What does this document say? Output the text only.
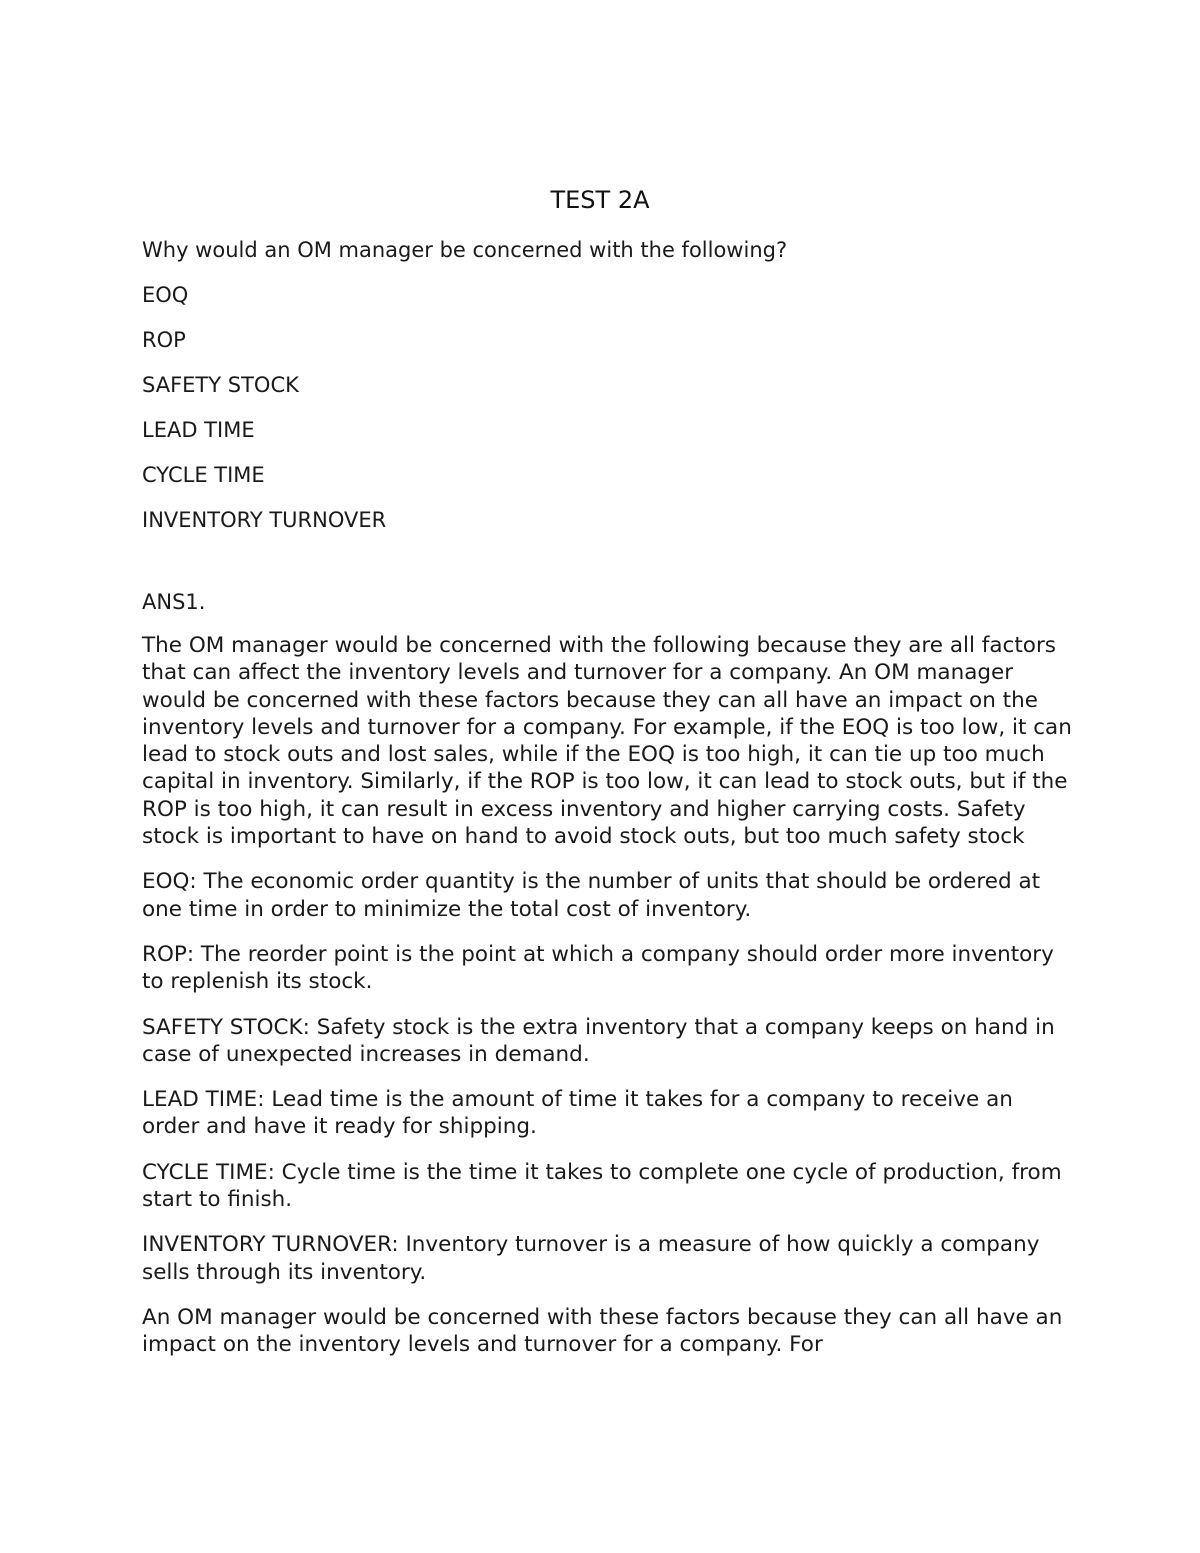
TEST 2A

Why would an OM manager be concerned with the following?

EOQ

ROP

SAFETY STOCK

LEAD TIME

CYCLE TIME

INVENTORY TURNOVER

ANS1.

The OM manager would be concerned with the following because they are all factors that can affect the inventory levels and turnover for a company. An OM manager would be concerned with these factors because they can all have an impact on the inventory levels and turnover for a company. For example, if the EOQ is too low, it can lead to stock outs and lost sales, while if the EOQ is too high, it can tie up too much capital in inventory. Similarly, if the ROP is too low, it can lead to stock outs, but if the ROP is too high, it can result in excess inventory and higher carrying costs. Safety stock is important to have on hand to avoid stock outs, but too much safety stock

EOQ: The economic order quantity is the number of units that should be ordered at one time in order to minimize the total cost of inventory.

ROP: The reorder point is the point at which a company should order more inventory to replenish its stock.

SAFETY STOCK: Safety stock is the extra inventory that a company keeps on hand in case of unexpected increases in demand.

LEAD TIME: Lead time is the amount of time it takes for a company to receive an order and have it ready for shipping.

CYCLE TIME: Cycle time is the time it takes to complete one cycle of production, from start to finish.

INVENTORY TURNOVER: Inventory turnover is a measure of how quickly a company sells through its inventory.

An OM manager would be concerned with these factors because they can all have an impact on the inventory levels and turnover for a company. For
